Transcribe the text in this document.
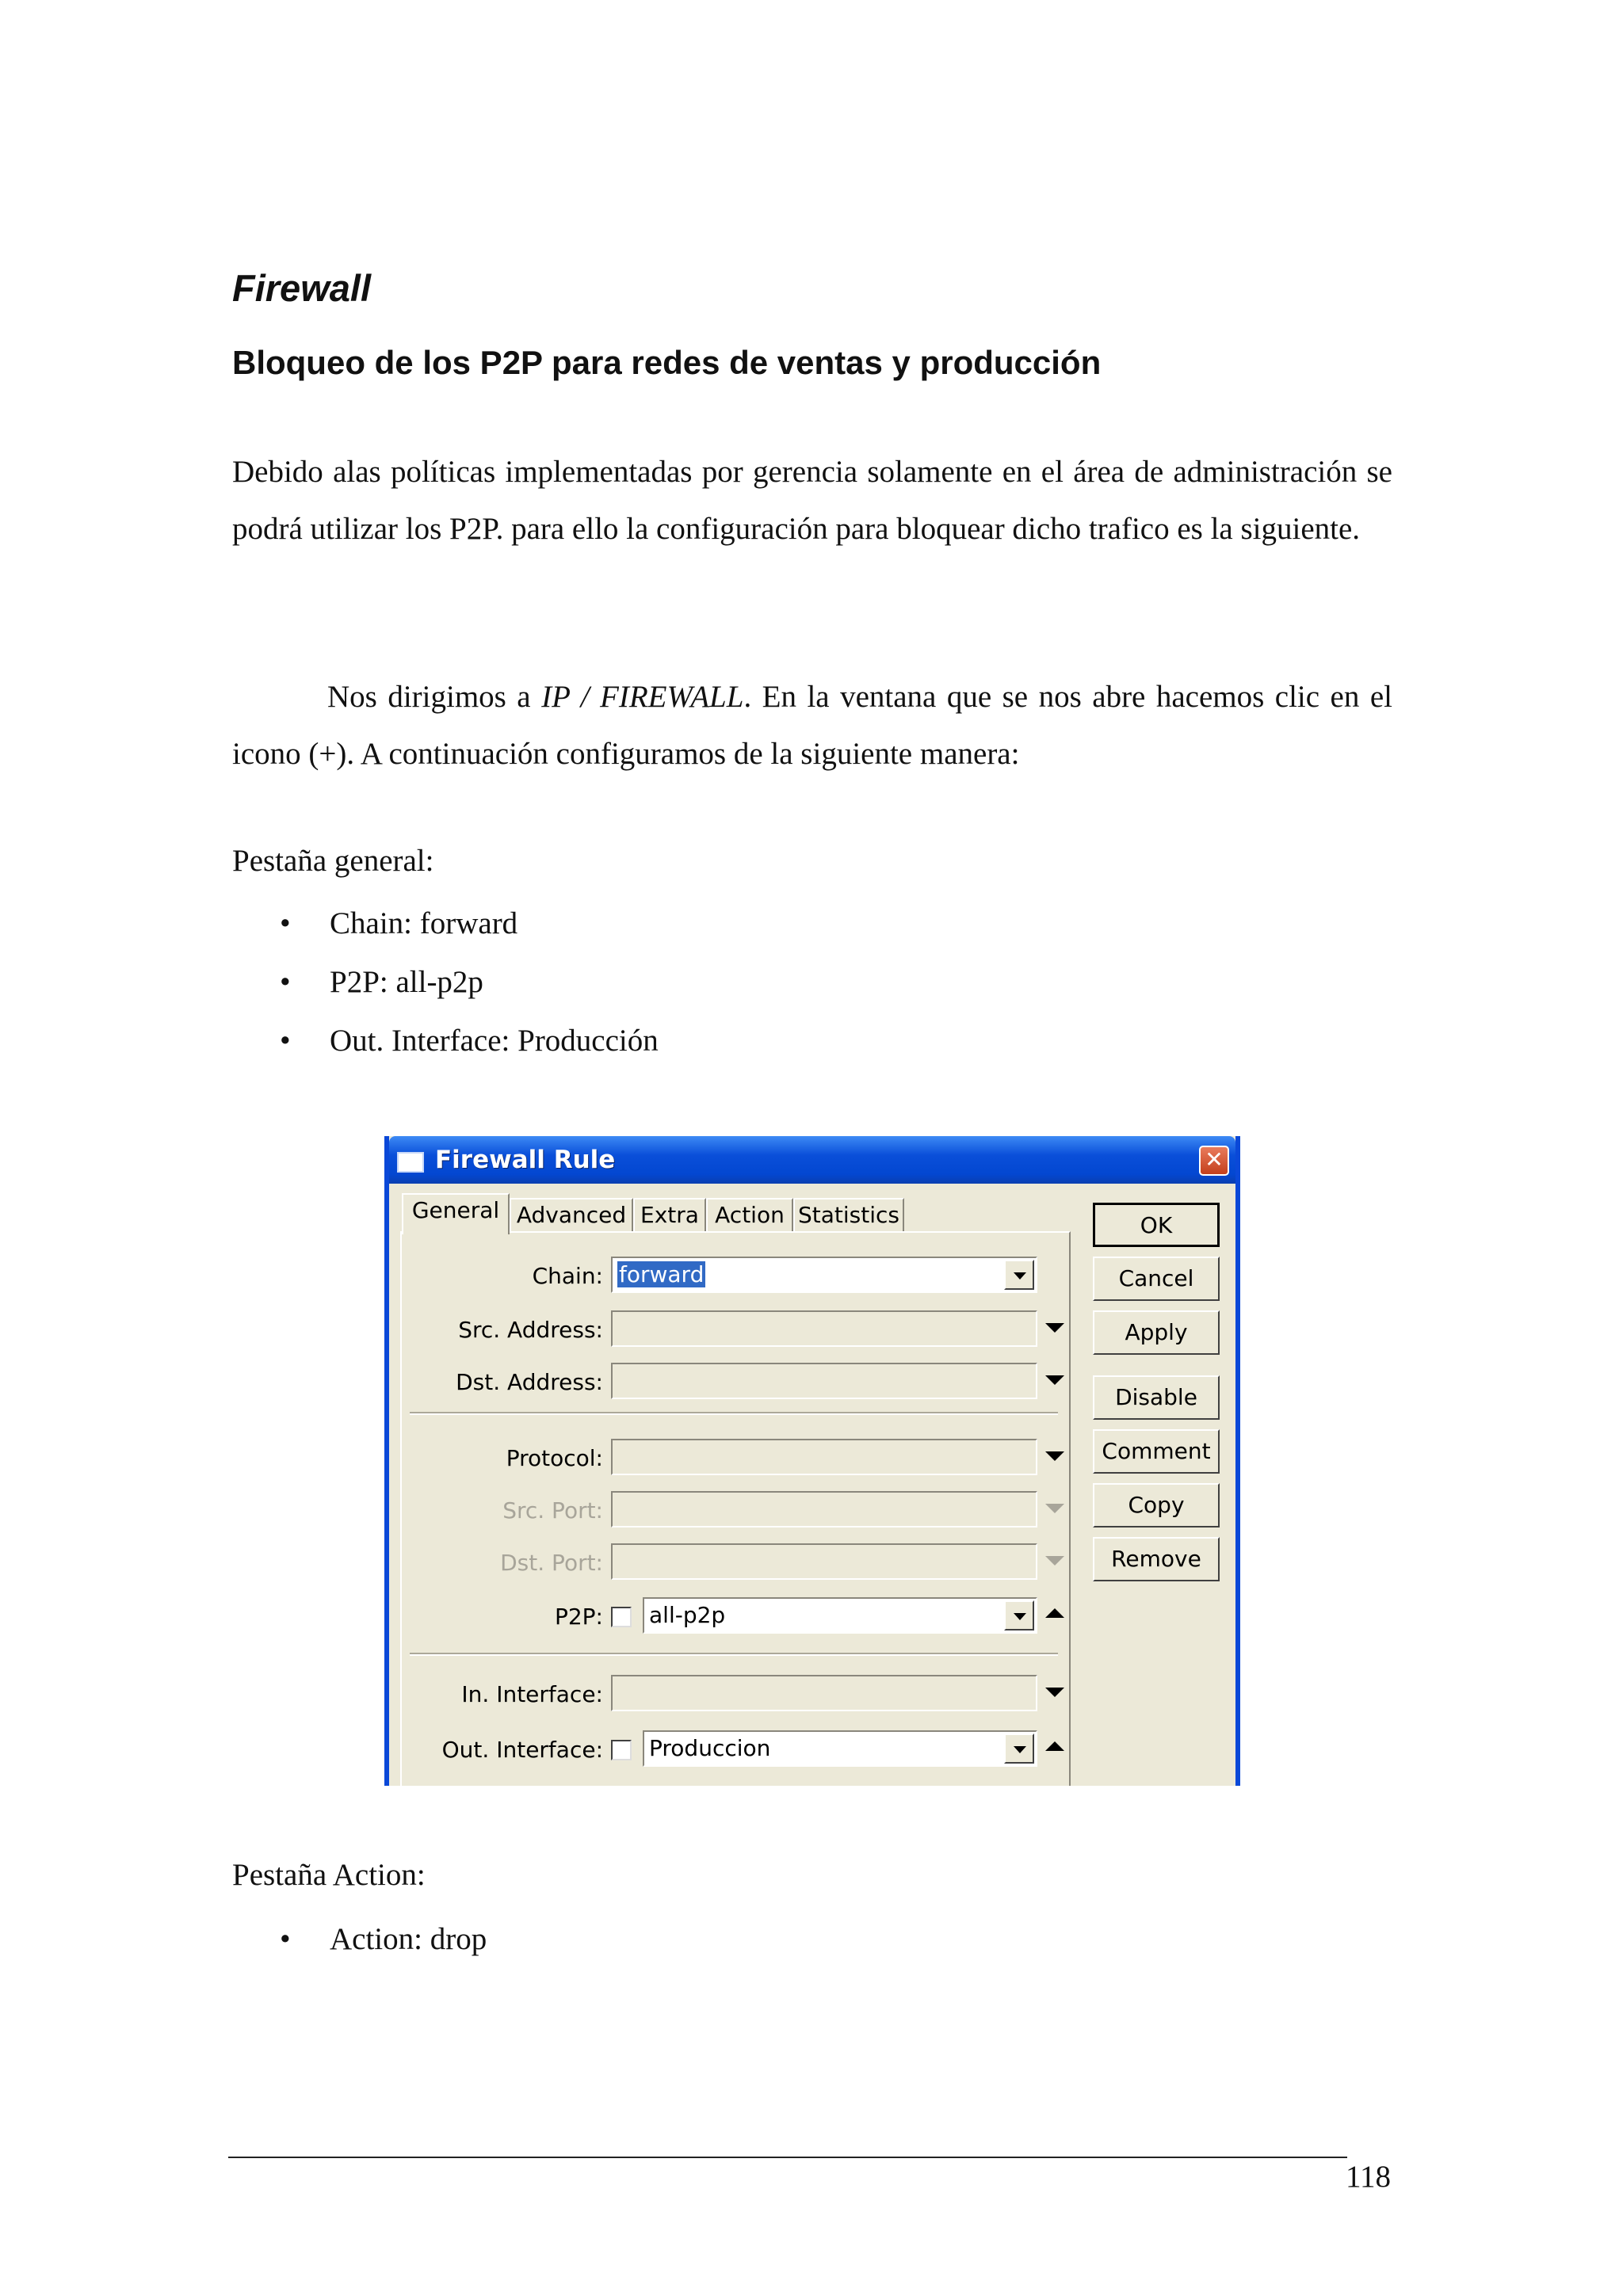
Firewall
Bloqueo de los P2P para redes de ventas y producción

Debido alas políticas implementadas por gerencia solamente en el área de administración se podrá utilizar los P2P. para ello la configuración para bloquear dicho trafico es la siguiente.

Nos dirigimos a IP / FIREWALL. En la ventana que se nos abre hacemos clic en el icono (+). A continuación configuramos de la siguiente manera:

Pestaña general:

• Chain: forward
• P2P: all-p2p
• Out. Interface: Producción
Firewall Rule	✕
General Advanced Extra Action Statistics
Chain: forward
Src. Address:
Dst. Address:
Protocol:
Src. Port:
Dst. Port:
P2P: all-p2p
In. Interface:
Out. Interface: Produccion
OK
Cancel
Apply
Disable
Comment
Copy
Remove

Pestaña Action:

• Action: drop
118
